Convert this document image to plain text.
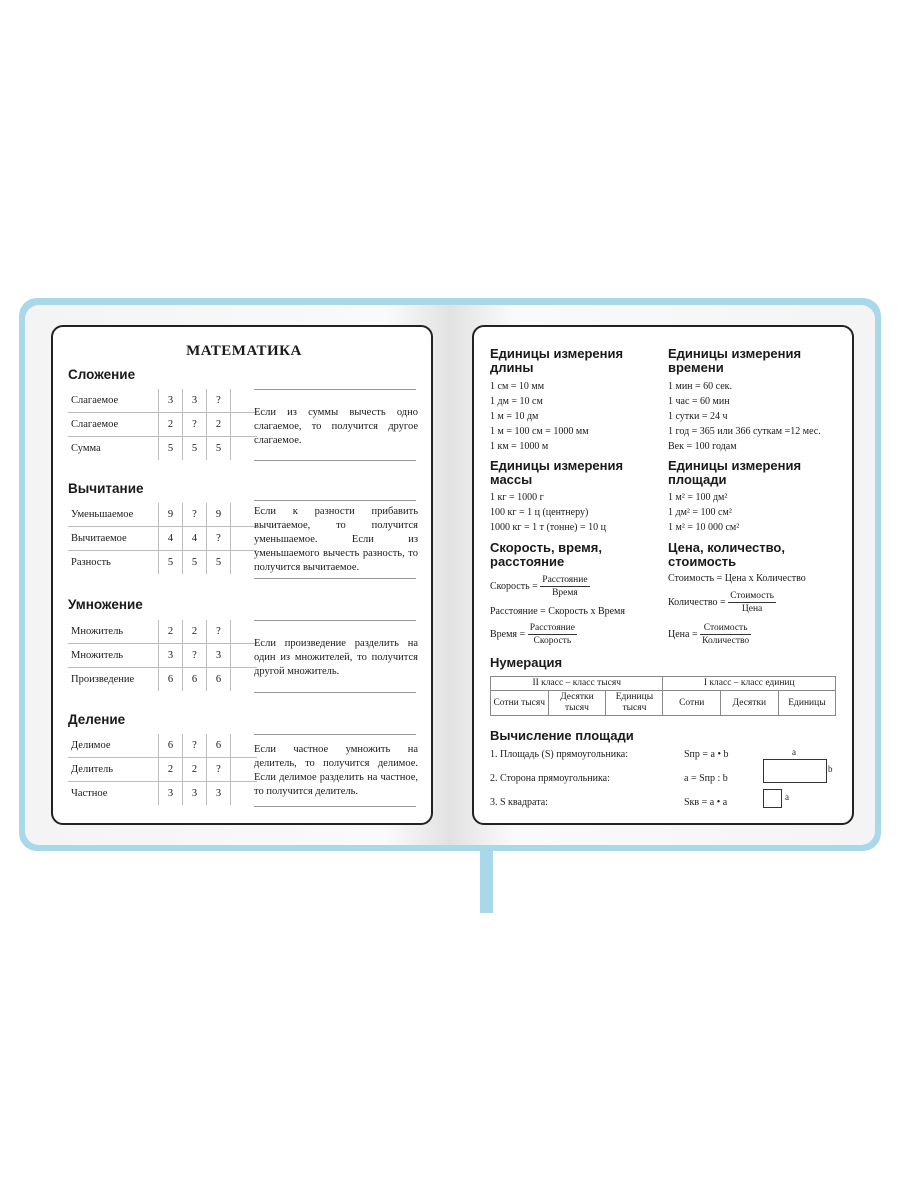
МАТЕМАТИКА
Сложение
Слагаемое	3	3	?	
Слагаемое	2	?	2	
Сумма	5	5	5	
Если из суммы вычесть одно слагаемое, то получится другое слагаемое.
Вычитание
Уменьшаемое	9	?	9	
Вычитаемое	4	4	?	
Разность	5	5	5	
Если к разности прибавить вычитаемое, то получится уменьшаемое. Если из уменьшаемого вычесть разность, то получится вычитаемое.
Умножение
Множитель	2	2	?	
Множитель	3	?	3	
Произведение	6	6	6	
Если произведение разделить на один из множителей, то получится другой множитель.
Деление
Делимое	6	?	6	
Делитель	2	2	?	
Частное	3	3	3	
Если частное умножить на делитель, то получится делимое. Если делимое разделить на частное, то получится делитель.
Единицы измерения длины
1 см = 10 мм
1 дм = 10 см
1 м = 10 дм
1 м = 100 см = 1000 мм
1 км = 1000 м
Единицы измерения времени
1 мин = 60 сек.
1 час = 60 мин
1 сутки = 24 ч
1 год = 365 или 366 суткам =12 мес.
Век = 100 годам
Единицы измерения массы
1 кг = 1000 г
100 кг = 1 ц (центнеру)
1000 кг = 1 т (тонне) = 10 ц
Единицы измерения площади
1 м² = 100 дм²
1 дм² = 100 см²
1 м² = 10 000 см²
Скорость, время, расстояние
Скорость = $\frac{\text{Расстояние}}{\text{Время}}$
Расстояние = Скорость х Время
Время = $\frac{\text{Расстояние}}{\text{Скорость}}$
Цена, количество, стоимость
Стоимость = Цена х Количество
Количество = $\frac{\text{Стоимость}}{\text{Цена}}$
Цена = $\frac{\text{Стоимость}}{\text{Количество}}$
Нумерация
II класс – класс тысяч			I класс – класс единиц		
Сотни тысяч	Десятки тысяч	Единицы тысяч	Сотни	Десятки	Единицы
Вычисление площади
1. Площадь (S) прямоугольника:	Sпр = a • b
2. Сторона прямоугольника:	a = Sпр : b
3. S квадрата:	Sкв = a • a
a
b
a
